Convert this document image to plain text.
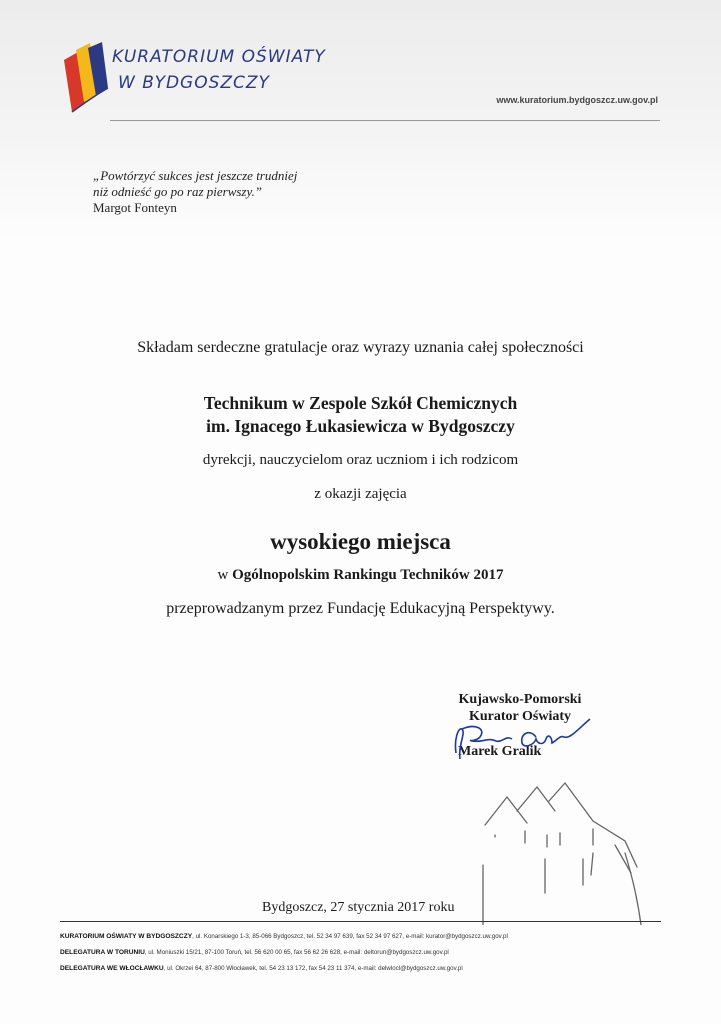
KURATORIUM OŚWIATY
W BYDGOSZCZY
www.kuratorium.bydgoszcz.uw.gov.pl
„Powtórzyć sukces jest jeszcze trudniej
niż odnieść go po raz pierwszy.”
Margot Fonteyn
Składam serdeczne gratulacje oraz wyrazy uznania całej społeczności
Technikum w Zespole Szkół Chemicznych
im. Ignacego Łukasiewicza w Bydgoszczy
dyrekcji, nauczycielom oraz uczniom i ich rodzicom
z okazji zajęcia
wysokiego miejsca
w Ogólnopolskim Rankingu Techników 2017
przeprowadzanym przez Fundację Edukacyjną Perspektywy.
Kujawsko-Pomorski
Kurator Oświaty
Marek Gralik
Bydgoszcz, 27 stycznia 2017 roku
KURATORIUM OŚWIATY W BYDGOSZCZY, ul. Konarskiego 1-3, 85-066 Bydgoszcz, tel. 52 34 97 639, fax 52 34 97 627, e-mail: kurator@bydgoszcz.uw.gov.pl
DELEGATURA W TORUNIU, ul. Moniuszki 15/21, 87-100 Toruń, tel. 56 620 00 65, fax 56 62 26 628, e-mail: deltorun@bydgoszcz.uw.gov.pl
DELEGATURA WE WŁOCŁAWKU, ul. Okrzei 64, 87-800 Włocławek, tel. 54 23 13 172, fax 54 23 11 374, e-mail: delwlocl@bydgoszcz.uw.gov.pl
